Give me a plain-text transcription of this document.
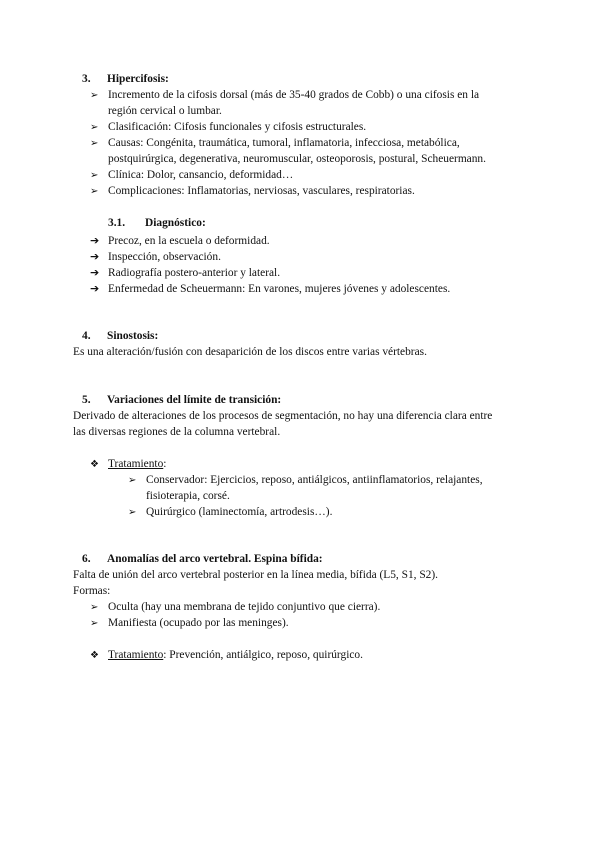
3. Hipercifosis:
➢ Incremento de la cifosis dorsal (más de 35-40 grados de Cobb) o una cifosis en la
región cervical o lumbar.
➢ Clasificación: Cifosis funcionales y cifosis estructurales.
➢ Causas: Congénita, traumática, tumoral, inflamatoria, infecciosa, metabólica,
postquirúrgica, degenerativa, neuromuscular, osteoporosis, postural, Scheuermann.
➢ Clínica: Dolor, cansancio, deformidad…
➢ Complicaciones: Inflamatorias, nerviosas, vasculares, respiratorias.
3.1. Diagnóstico:
➔ Precoz, en la escuela o deformidad.
➔ Inspección, observación.
➔ Radiografía postero-anterior y lateral.
➔ Enfermedad de Scheuermann: En varones, mujeres jóvenes y adolescentes.
4. Sinostosis:
Es una alteración/fusión con desaparición de los discos entre varias vértebras.
5. Variaciones del límite de transición:
Derivado de alteraciones de los procesos de segmentación, no hay una diferencia clara entre
las diversas regiones de la columna vertebral.
❖ Tratamiento:
➢ Conservador: Ejercicios, reposo, antiálgicos, antiinflamatorios, relajantes,
fisioterapia, corsé.
➢ Quirúrgico (laminectomía, artrodesis…).
6. Anomalías del arco vertebral. Espina bífida:
Falta de unión del arco vertebral posterior en la línea media, bífida (L5, S1, S2).
Formas:
➢ Oculta (hay una membrana de tejido conjuntivo que cierra).
➢ Manifiesta (ocupado por las meninges).
❖ Tratamiento: Prevención, antiálgico, reposo, quirúrgico.
